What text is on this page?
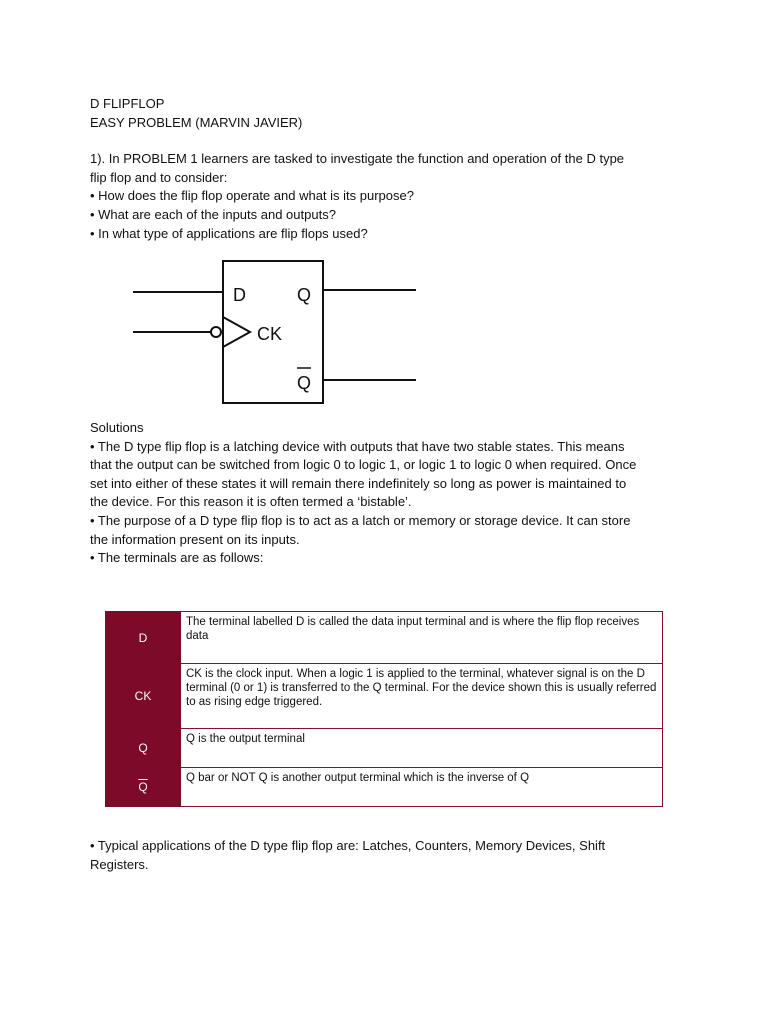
D FLIPFLOP

EASY PROBLEM (MARVIN JAVIER)

1). In PROBLEM 1 learners are tasked to investigate the function and operation of the D type

flip flop and to consider:

• How does the flip flop operate and what is its purpose?

• What are each of the inputs and outputs?

• In what type of applications are flip flops used?

D	Q
CK
Q

Solutions

• The D type flip flop is a latching device with outputs that have two stable states. This means

that the output can be switched from logic 0 to logic 1, or logic 1 to logic 0 when required. Once

set into either of these states it will remain there indefinitely so long as power is maintained to

the device. For this reason it is often termed a ‘bistable’.

• The purpose of a D type flip flop is to act as a latch or memory or storage device. It can store

the information present on its inputs.

• The terminals are as follows:

D	The terminal labelled D is called the data input terminal and is where the flip flop receives data
CK	CK is the clock input. When a logic 1 is applied to the terminal, whatever signal is on the D terminal (0 or 1) is transferred to the Q terminal. For the device shown this is usually referred to as rising edge triggered.
Q	Q is the output terminal
$\overline{Q}$	Q bar or NOT Q is another output terminal which is the inverse of Q

• Typical applications of the D type flip flop are: Latches, Counters, Memory Devices, Shift

Registers.
